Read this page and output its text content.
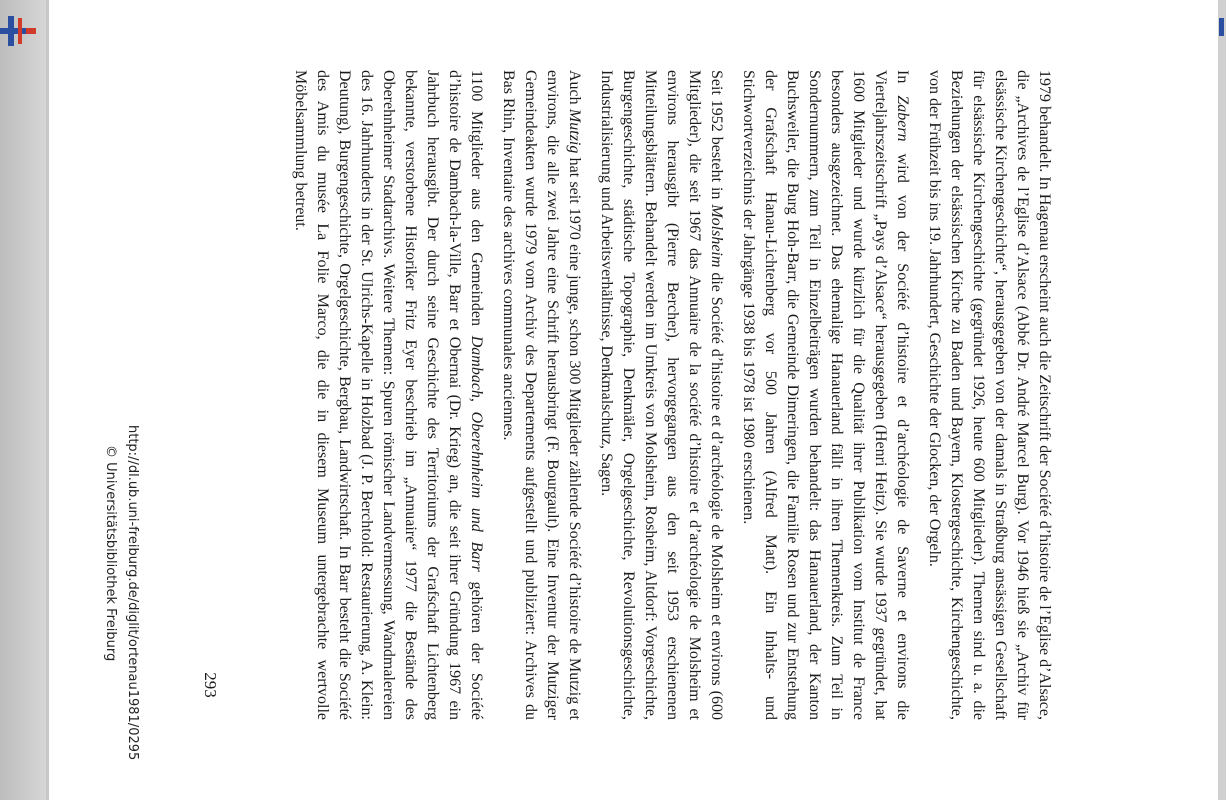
1979 behandelt. In Hagenau erscheint auch die Zeitschrift der Société d’histoire de l’Eglise d’Alsace, die „Archives de l’Eglise d’Alsace (Abbé Dr. André Marcel Burg). Vor 1946 hieß sie „Archiv für elsässische Kirchengeschichte“, herausgegeben von der damals in Straßburg ansässigen Gesellschaft für elsässische Kirchengeschichte (gegründet 1926, heute 600 Mitglieder). Themen sind u. a. die Beziehungen der elsässischen Kirche zu Baden und Bayern, Klostergeschichte, Kirchengeschichte, von der Frühzeit bis ins 19. Jahrhundert, Geschichte der Glocken, der Orgeln.

In Zabern wird von der Société d’histoire et d’archéologie de Saverne et environs die Vierteljahrszeitschrift „Pays d’Alsace“ herausgegeben (Henri Heitz). Sie wurde 1937 gegründet, hat 1600 Mitglieder und wurde kürzlich für die Qualität ihrer Publikation vom Institut de France besonders ausgezeichnet. Das ehemalige Hanauerland fällt in ihren Themenkreis. Zum Teil in Sondernummern, zum Teil in Einzelbeiträgen wurden behandelt: das Hanauerland, der Kanton Buchsweiler, die Burg Hoh-Barr, die Gemeinde Dimeringen, die Familie Rosen und zur Entstehung der Grafschaft Hanau-Lichtenberg vor 500 Jahren (Alfred Matt). Ein Inhalts- und Stichwortverzeichnis der Jahrgänge 1938 bis 1978 ist 1980 erschienen.

Seit 1952 besteht in Molsheim die Société d’histoire et d’archéologie de Molsheim et environs (600 Mitglieder), die seit 1967 das Annuaire de la société d’histoire et d’archéologie de Molsheim et environs herausgibt (Pierre Bercher), hervorgegangen aus den seit 1953 erschienenen Mitteilungsblättern. Behandelt werden im Umkreis von Molsheim, Rosheim, Altdorf: Vorgeschichte, Burgengeschichte, städtische Topographie, Denkmäler, Orgelgeschichte, Revolutionsgeschichte, Industrialisierung und Arbeitsverhältnisse, Denkmalschutz, Sagen.

Auch Mutzig hat seit 1970 eine junge, schon 300 Mitglieder zählende Société d’histoire de Mutzig et environs, die alle zwei Jahre eine Schrift herausbringt (F. Bourgault). Eine Inventur der Mutziger Gemeindeakten wurde 1979 vom Archiv des Departements aufgestellt und publiziert: Archives du Bas Rhin, Inventaire des archives communales anciennes.

1100 Mitglieder aus den Gemeinden Dambach, Oberehnheim und Barr gehören der Société d’histoire de Dambach-la-Ville, Barr et Obernai (Dr. Krieg) an, die seit ihrer Gründung 1967 ein Jahrbuch herausgibt. Der durch seine Geschichte des Territoriums der Grafschaft Lichtenberg bekannte, verstorbene Historiker Fritz Eyer beschrieb im „Annuaire“ 1977 die Bestände des Oberehnheimer Stadtarchivs. Weitere Themen: Spuren römischer Landvermessung, Wandmalereien des 16. Jahrhunderts in der St. Ulrichs-Kapelle in Holzbad (J. P. Berchtold: Restaurierung, A. Klein: Deutung), Burgengeschichte, Orgelgeschichte, Bergbau, Landwirtschaft. In Barr besteht die Société des Amis du musée La Folie Marco, die die in diesem Museum untergebrachte wertvolle Möbelsammlung betreut.

293
http://dl.ub.uni-freiburg.de/diglit/ortenau1981/0295
© Universitätsbibliothek Freiburg
